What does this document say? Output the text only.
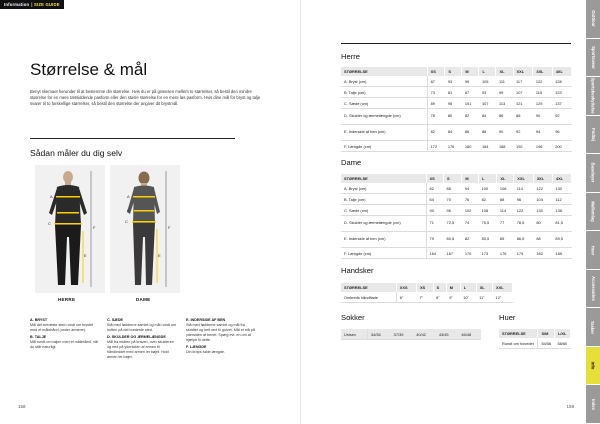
Information | SIZE GUIDE
Størrelse & mål
Benyt skemaet herunder til at bestemme din størrelse. Hvis du er på grænsen mellem to størrelser, så bestil den mindre størrelse for en mere tætsiddende pasform eller den større størrelse for en mere løs pasform. Hvis dine mål for bryst og talje svarer til to forskellige størrelser, så bestil den størrelse der angiver dit brystmål.
Sådan måler du dig selv
A
B
C
F
E
A
B
C
F
E
HERRE	DAME

A. BRYST
Mål det bredeste sted rundt om brystet med et målebånd (under armene).

B. TALJE
Mål rundt om taljen med et målebånd, når du står naturligt.

C. SÆDE
Stå med fødderne samlet og mål rundt om hoften på det bredeste sted.

D. SKULDER OG ÆRMELÆNGDE
Mål fra midten på kraven, over skulderen og ned på ydersiden af armen til håndleddet med armen let bøjet. Hold armen let bøjet.

E. INDERSIDE AF BEN
Stå med fødderne samlet og mål fra skridtet og helt ned til gulvet. Mål et stå på ydersiden af benet. Spørg evt. en om at hjælpe til dette.

F. LÆNGDE
Din krops fulde længde.

158
Herre
STØRRELSE	XS	S	M	L	XL	XXL	3XL	4XL
A. Bryst (cm)	87	93	99	105	111	117	122	128
B. Talje (cm)	73	81	87	93	99	107	115	123
C. Sæde (cm)	89	95	101	107	113	121	129	137
D. Skulder og ærmelængde (cm)	78	80	82	84	86	88	90	92
E. Inderside af ben (cm)	82	84	86	88	90	92	94	96
F. Længde (cm)	172	176	180	184	188	192	196	200
Dame
STØRRELSE	XS	S	M	L	XL	XXL	3XL	4XL
A. Bryst (cm)	82	88	94	100	106	114	122	130
B. Talje (cm)	64	70	76	82	88	96	104	112
C. Sæde (cm)	90	96	102	108	114	122	130	138
D. Skulder og ærmelængde (cm)	71	72,5	74	75,5	77	78,5	80	81,5
E. Inderside af ben (cm)	79	80,5	82	83,5	85	86,5	88	89,5
F. Længde (cm)	164	167	170	173	176	179	182	185
Handsker
STØRRELSE	XXS	XS	S	M	L	XL	XXL
Omkreds håndflade	6"	7"	8"	9"	10"	11"	12"
Sokker
Unisex	34/36	37/39	40/42	43/45	46/48
Huer
STØRRELSE	S/M	L/XL
Rundt om hovedet	54/56	58/60
159
Outdoor
Sportswear
Sportsbeskyttelse
Fodtøj
Baselayer
Mellemlag
Huer
Accessories
Tasker
Info
Index
